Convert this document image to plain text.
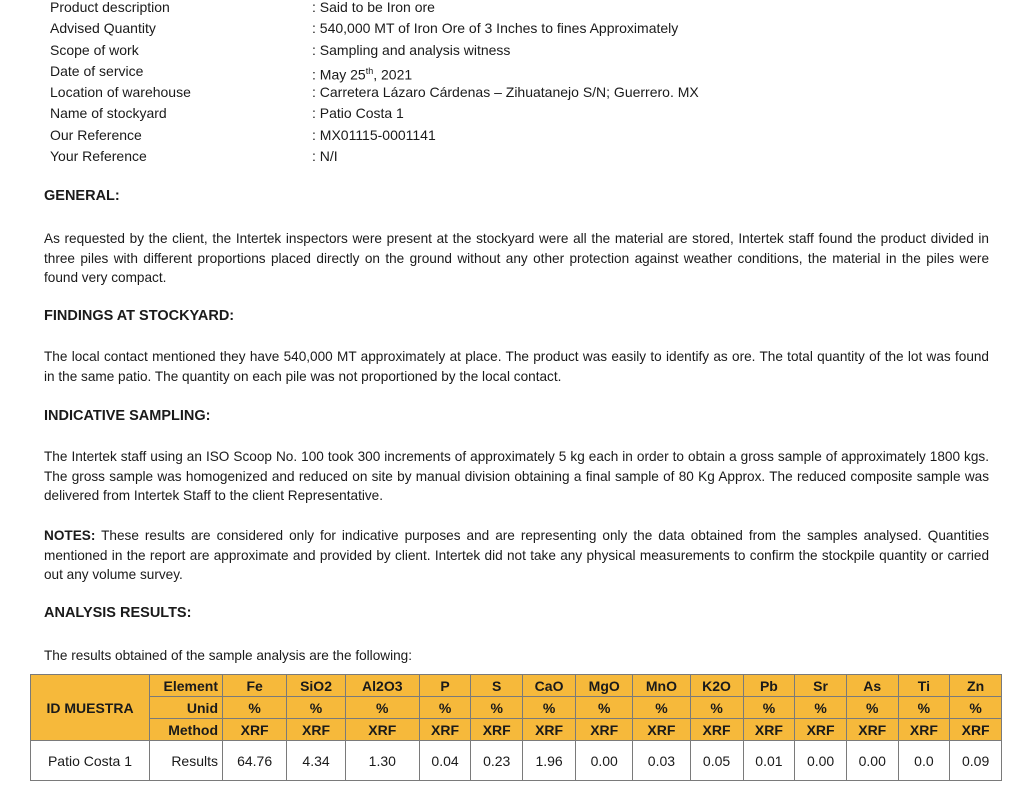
Product description	: Said to be Iron ore
Advised Quantity	: 540,000 MT of Iron Ore of 3 Inches to fines Approximately
Scope of work	: Sampling and analysis witness
Date of service	: May 25th, 2021
Location of warehouse	: Carretera Lázaro Cárdenas – Zihuatanejo S/N; Guerrero. MX
Name of stockyard	: Patio Costa 1
Our Reference	: MX01115-0001141
Your Reference	: N/I
GENERAL:
As requested by the client, the Intertek inspectors were present at the stockyard were all the material are stored, Intertek staff found the product divided in three piles with different proportions placed directly on the ground without any other protection against weather conditions, the material in the piles were found very compact.
FINDINGS AT STOCKYARD:
The local contact mentioned they have 540,000 MT approximately at place. The product was easily to identify as ore. The total quantity of the lot was found in the same patio. The quantity on each pile was not proportioned by the local contact.
INDICATIVE SAMPLING:
The Intertek staff using an ISO Scoop No. 100 took 300 increments of approximately 5 kg each in order to obtain a gross sample of approximately 1800 kgs. The gross sample was homogenized and reduced on site by manual division obtaining a final sample of 80 Kg Approx. The reduced composite sample was delivered from Intertek Staff to the client Representative.
NOTES: These results are considered only for indicative purposes and are representing only the data obtained from the samples analysed. Quantities mentioned in the report are approximate and provided by client. Intertek did not take any physical measurements to confirm the stockpile quantity or carried out any volume survey.
ANALYSIS RESULTS:
The results obtained of the sample analysis are the following:
ID MUESTRA	Element	Fe	SiO2	Al2O3	P	S	CaO	MgO	MnO	K2O	Pb	Sr	As	Ti	Zn
	Unid	%	%	%	%	%	%	%	%	%	%	%	%	%	%
	Method	XRF	XRF	XRF	XRF	XRF	XRF	XRF	XRF	XRF	XRF	XRF	XRF	XRF	XRF
Patio Costa 1	Results	64.76	4.34	1.30	0.04	0.23	1.96	0.00	0.03	0.05	0.01	0.00	0.00	0.0	0.09
